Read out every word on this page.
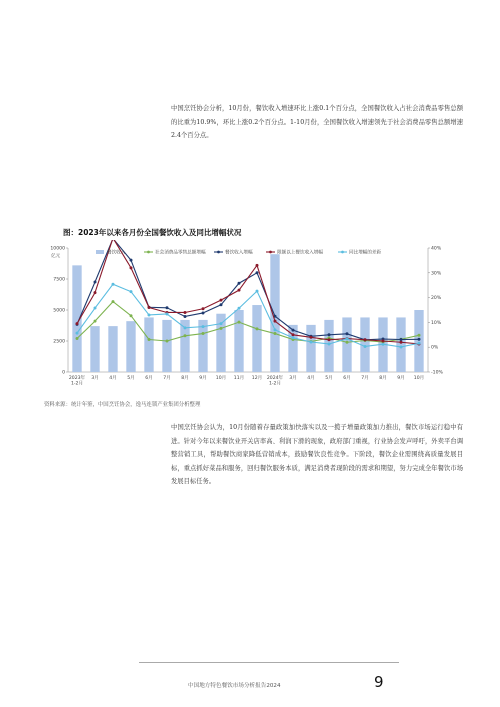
中国烹饪协会分析，10月份，餐饮收入增速环比上涨0.1个百分点，全国餐饮收入占社会消费品零售总额的比重为10.9%，环比上涨0.2个百分点。1-10月份，全国餐饮收入增速领先于社会消费品零售总额增速2.4个百分点。

图：2023年以来各月份全国餐饮收入及同比增幅状况

0
2500
5000
7500
10000
亿元
-10%
0%
10%
20%
30%
40%
2023年 1-2月
3月 4月 5月 6月 7月 8月 9月 10月 11月 12月 2024年 1-2月
3月 4月 5月 6月 7月 8月 9月 10月
餐饮收入	社会消费品零售总额增幅	餐饮收入增幅	限额以上餐饮收入增幅	同比增幅的差距
资料来源：统计年鉴，中国烹饪协会，逸马连锁产业集团分析整理

中国烹饪协会认为，10月份随着存量政策加快落实以及一揽子增量政策加力推出，餐饮市场运行稳中有进。针对今年以来餐饮业开关店率高、利润下滑的现象，政府部门重视，行业协会发声呼吁，外卖平台调整营销工具，帮助餐饮商家降低营销成本，鼓励餐饮良性竞争。下阶段，餐饮企业需围绕高质量发展目标，重点抓好菜品和服务，回归餐饮服务本质，满足消费者现阶段的需求和期望，努力完成全年餐饮市场发展目标任务。

中国地方特色餐饮市场分析报告2024	9
